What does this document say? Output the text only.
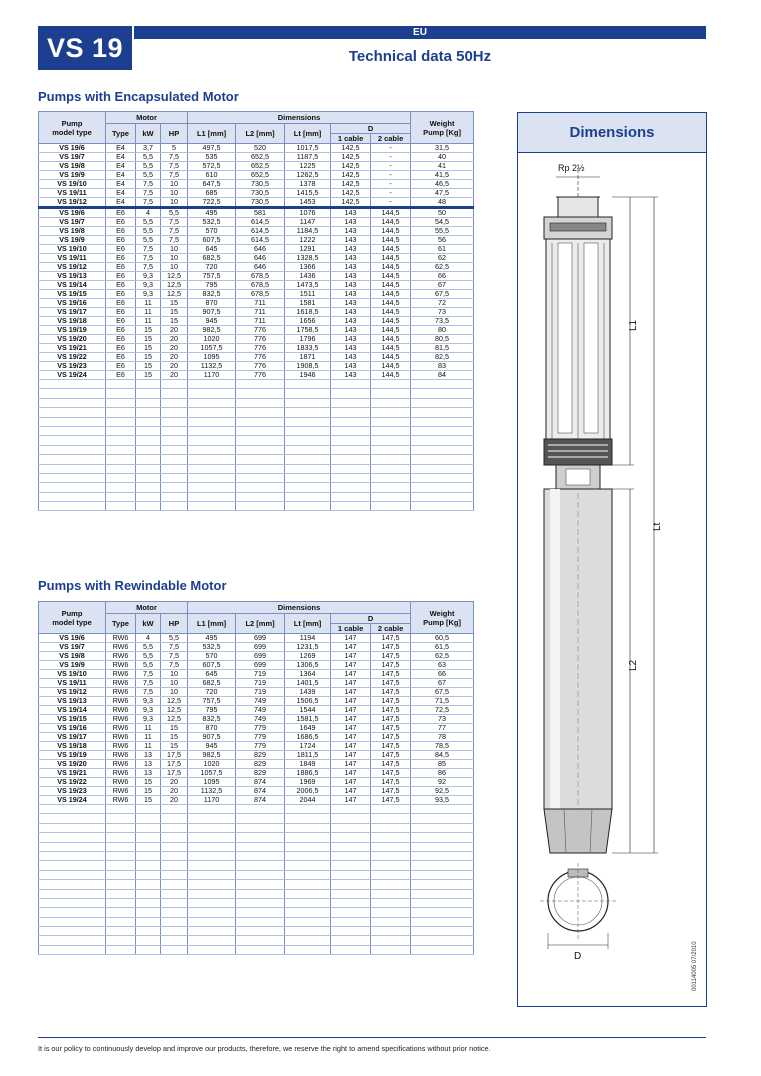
VS 19
EU
Technical data 50Hz
Pumps with Encapsulated Motor
Pump
model type	Motor			Dimensions					Weight
Pump [Kg]
	Type	kW	HP	L1 [mm]	L2 [mm]	Lt [mm]	D
1 cable 2 cable		

VS 19/6	E4	3,7	5	497,5	520	1017,5	142,5	-	31,5
VS 19/7	E4	5,5	7,5	535	652,5	1187,5	142,5	-	40
VS 19/8	E4	5,5	7,5	572,5	652,5	1225	142,5	-	41
VS 19/9	E4	5,5	7,5	610	652,5	1262,5	142,5	-	41,5
VS 19/10	E4	7,5	10	647,5	730,5	1378	142,5	-	46,5
VS 19/11	E4	7,5	10	685	730,5	1415,5	142,5	-	47,5
VS 19/12	E4	7,5	10	722,5	730,5	1453	142,5	-	48
VS 19/6	E6	4	5,5	495	581	1076	143	144,5	50
VS 19/7	E6	5,5	7,5	532,5	614,5	1147	143	144,5	54,5
VS 19/8	E6	5,5	7,5	570	614,5	1184,5	143	144,5	55,5
VS 19/9	E6	5,5	7,5	607,5	614,5	1222	143	144,5	56
VS 19/10	E6	7,5	10	645	646	1291	143	144,5	61
VS 19/11	E6	7,5	10	682,5	646	1328,5	143	144,5	62
VS 19/12	E6	7,5	10	720	646	1366	143	144,5	62,5
VS 19/13	E6	9,3	12,5	757,5	678,5	1436	143	144,5	66
VS 19/14	E6	9,3	12,5	795	678,5	1473,5	143	144,5	67
VS 19/15	E6	9,3	12,5	832,5	678,5	1511	143	144,5	67,5
VS 19/16	E6	11	15	870	711	1581	143	144,5	72
VS 19/17	E6	11	15	907,5	711	1618,5	143	144,5	73
VS 19/18	E6	11	15	945	711	1656	143	144,5	73,5
VS 19/19	E6	15	20	982,5	776	1758,5	143	144,5	80
VS 19/20	E6	15	20	1020	776	1796	143	144,5	80,5
VS 19/21	E6	15	20	1057,5	776	1833,5	143	144,5	81,5
VS 19/22	E6	15	20	1095	776	1871	143	144,5	82,5
VS 19/23	E6	15	20	1132,5	776	1908,5	143	144,5	83
VS 19/24	E6	15	20	1170	776	1946	143	144,5	84

Pumps with Rewindable Motor
Pump
model type	Motor			Dimensions					Weight
Pump [Kg]
	Type	kW	HP	L1 [mm]	L2 [mm]	Lt [mm]	D
1 cable 2 cable		

VS 19/6	RW6	4	5,5	495	699	1194	147	147,5	60,5
VS 19/7	RW6	5,5	7,5	532,5	699	1231,5	147	147,5	61,5
VS 19/8	RW6	5,5	7,5	570	699	1269	147	147,5	62,5
VS 19/9	RW6	5,5	7,5	607,5	699	1306,5	147	147,5	63
VS 19/10	RW6	7,5	10	645	719	1364	147	147,5	66
VS 19/11	RW6	7,5	10	682,5	719	1401,5	147	147,5	67
VS 19/12	RW6	7,5	10	720	719	1439	147	147,5	67,5
VS 19/13	RW6	9,3	12,5	757,5	749	1506,5	147	147,5	71,5
VS 19/14	RW6	9,3	12,5	795	749	1544	147	147,5	72,5
VS 19/15	RW6	9,3	12,5	832,5	749	1581,5	147	147,5	73
VS 19/16	RW6	11	15	870	779	1649	147	147,5	77
VS 19/17	RW6	11	15	907,5	779	1686,5	147	147,5	78
VS 19/18	RW6	11	15	945	779	1724	147	147,5	78,5
VS 19/19	RW6	13	17,5	982,5	829	1811,5	147	147,5	84,5
VS 19/20	RW6	13	17,5	1020	829	1849	147	147,5	85
VS 19/21	RW6	13	17,5	1057,5	829	1886,5	147	147,5	86
VS 19/22	RW6	15	20	1095	874	1969	147	147,5	92
VS 19/23	RW6	15	20	1132,5	874	2006,5	147	147,5	92,5
VS 19/24	RW6	15	20	1170	874	2044	147	147,5	93,5

Dimensions
Rp 2½
L1
Lt
L2
D	00114005 07/2010
It is our policy to continuously develop and improve our products, therefore, we reserve the right to amend specifications without prior notice.
